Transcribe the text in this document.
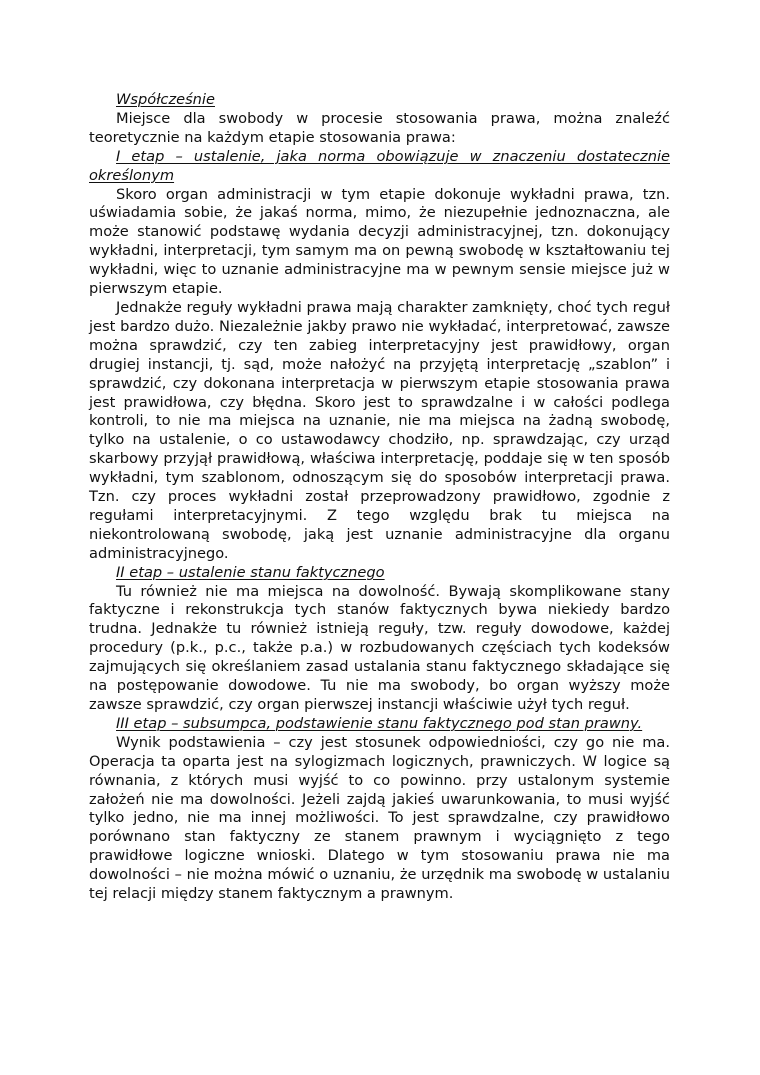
Współcześnie

Miejsce dla swobody w procesie stosowania prawa, można znaleźć teoretycznie na każdym etapie stosowania prawa:

I etap – ustalenie, jaka norma obowiązuje w znaczeniu dostatecznie określonym

Skoro organ administracji w tym etapie dokonuje wykładni prawa, tzn. uświadamia sobie, że jakaś norma, mimo, że niezupełnie jednoznaczna, ale może stanowić podstawę wydania decyzji administracyjnej, tzn. dokonujący wykładni, interpretacji, tym samym ma on pewną swobodę w kształtowaniu tej wykładni, więc to uznanie administracyjne ma w pewnym sensie miejsce już w pierwszym etapie.

Jednakże reguły wykładni prawa mają charakter zamknięty, choć tych reguł jest bardzo dużo. Niezależnie jakby prawo nie wykładać, interpretować, zawsze można sprawdzić, czy ten zabieg interpretacyjny jest prawidłowy, organ drugiej instancji, tj. sąd, może nałożyć na przyjętą interpretację „szablon” i sprawdzić, czy dokonana interpretacja w pierwszym etapie stosowania prawa jest prawidłowa, czy błędna. Skoro jest to sprawdzalne i w całości podlega kontroli, to nie ma miejsca na uznanie, nie ma miejsca na żadną swobodę, tylko na ustalenie, o co ustawodawcy chodziło, np. sprawdzając, czy urząd skarbowy przyjął prawidłową, właściwa interpretację, poddaje się w ten sposób wykładni, tym szablonom, odnoszącym się do sposobów interpretacji prawa. Tzn. czy proces wykładni został przeprowadzony prawidłowo, zgodnie z regułami interpretacyjnymi. Z tego względu brak tu miejsca na niekontrolowaną swobodę, jaką jest uznanie administracyjne dla organu administracyjnego.

II etap – ustalenie stanu faktycznego

Tu również nie ma miejsca na dowolność. Bywają skomplikowane stany faktyczne i rekonstrukcja tych stanów faktycznych bywa niekiedy bardzo trudna. Jednakże tu również istnieją reguły, tzw. reguły dowodowe, każdej procedury (p.k., p.c., także p.a.) w rozbudowanych częściach tych kodeksów zajmujących się określaniem zasad ustalania stanu faktycznego składające się na postępowanie dowodowe. Tu nie ma swobody, bo organ wyższy może zawsze sprawdzić, czy organ pierwszej instancji właściwie użył tych reguł.

III etap – subsumpca, podstawienie stanu faktycznego pod stan prawny.

Wynik podstawienia – czy jest stosunek odpowiedniości, czy go nie ma. Operacja ta oparta jest na sylogizmach logicznych, prawniczych. W logice są równania, z których musi wyjść to co powinno. przy ustalonym systemie założeń nie ma dowolności. Jeżeli zajdą jakieś uwarunkowania, to musi wyjść tylko jedno, nie ma innej możliwości. To jest sprawdzalne, czy prawidłowo porównano stan faktyczny ze stanem prawnym i wyciągnięto z tego prawidłowe logiczne wnioski. Dlatego w tym stosowaniu prawa nie ma dowolności – nie można mówić o uznaniu, że urzędnik ma swobodę w ustalaniu tej relacji między stanem faktycznym a prawnym.
